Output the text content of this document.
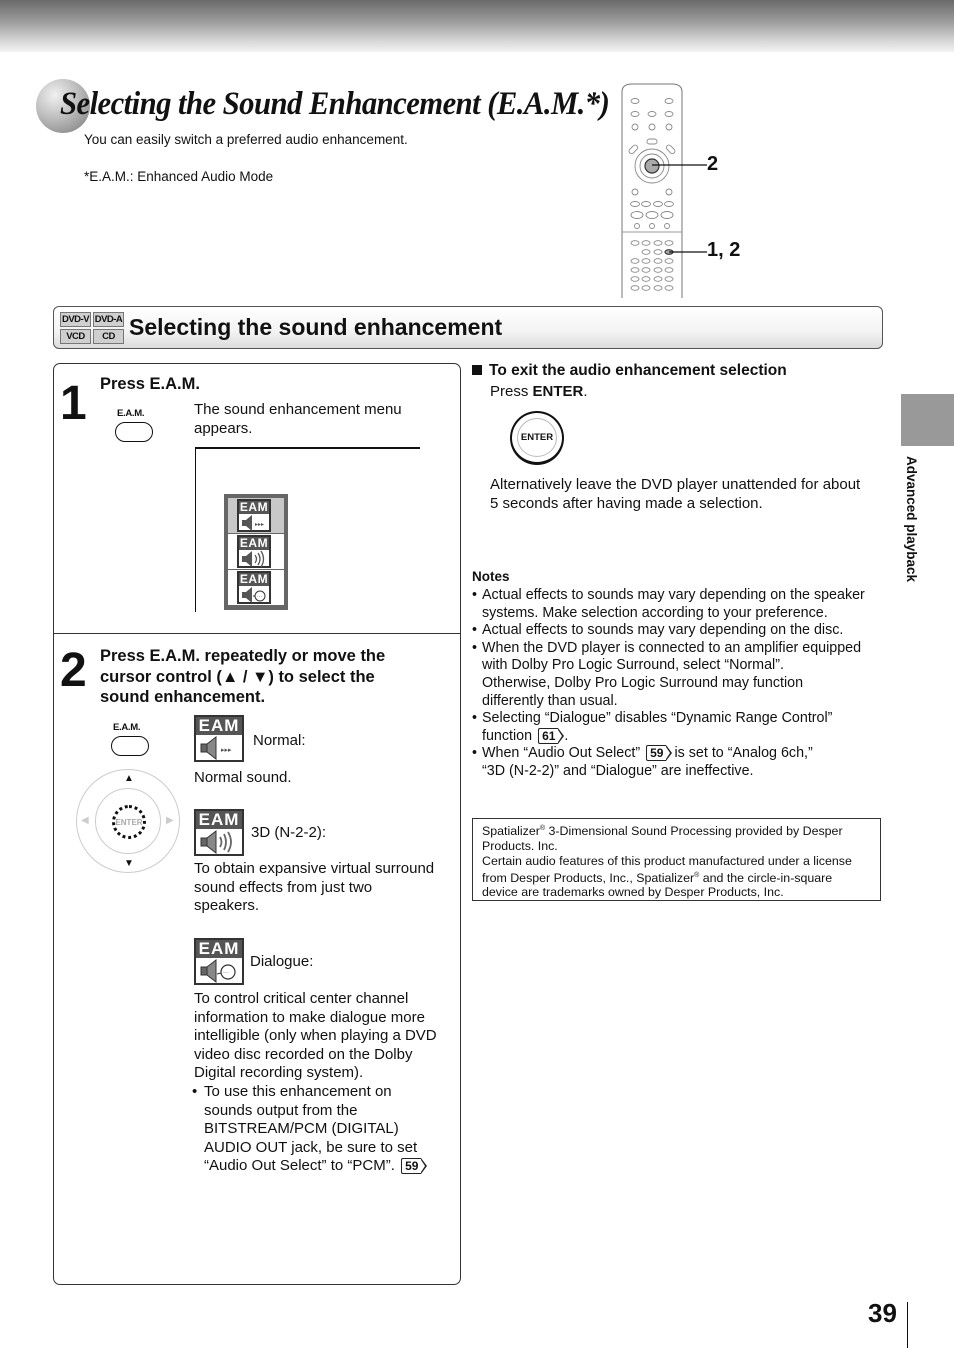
Selecting the Sound Enhancement (E.A.M.*)

You can easily switch a preferred audio enhancement.

*E.A.M.: Enhanced Audio Mode

2
1, 2
DVD-V DVD-A
VCD	CD Selecting the sound enhancement
1 Press E.A.M.
E.A.M.	The sound enhancement menu
appears.
EAM
▸▸▸
EAM
EAM
···
2 Press E.A.M. repeatedly or move the
cursor control (▲ / ▼) to select the
sound enhancement.
E.A.M.
▲
▼
◀	▶
ENTER
EAM
▸▸▸
Normal:
Normal sound.
EAM
3D (N-2-2):
To obtain expansive virtual surround
sound effects from just two
speakers.
EAM
···
Dialogue:
To control critical center channel
information to make dialogue more
intelligible (only when playing a DVD
video disc recorded on the Dolby
Digital recording system).
• To use this enhancement on
sounds output from the
BITSTREAM/PCM (DIGITAL)
AUDIO OUT jack, be sure to set
“Audio Out Select” to “PCM”. 59
To exit the audio enhancement selection
Press ENTER.
ENTER
Alternatively leave the DVD player unattended for about
5 seconds after having made a selection.
Notes
• Actual effects to sounds may vary depending on the speaker
systems. Make selection according to your preference.
• Actual effects to sounds may vary depending on the disc.
• When the DVD player is connected to an amplifier equipped
with Dolby Pro Logic Surround, select “Normal”.
Otherwise, Dolby Pro Logic Surround may function
differently than usual.
• Selecting “Dialogue” disables “Dynamic Range Control”
function 61 .
• When “Audio Out Select” 59 is set to “Analog 6ch,”
“3D (N-2-2)” and “Dialogue” are ineffective.
Spatializer® 3-Dimensional Sound Processing provided by Desper
Products. Inc.
Certain audio features of this product manufactured under a license
from Desper Products, Inc., Spatializer® and the circle-in-square
device are trademarks owned by Desper Products, Inc.
Advanced playback
39
